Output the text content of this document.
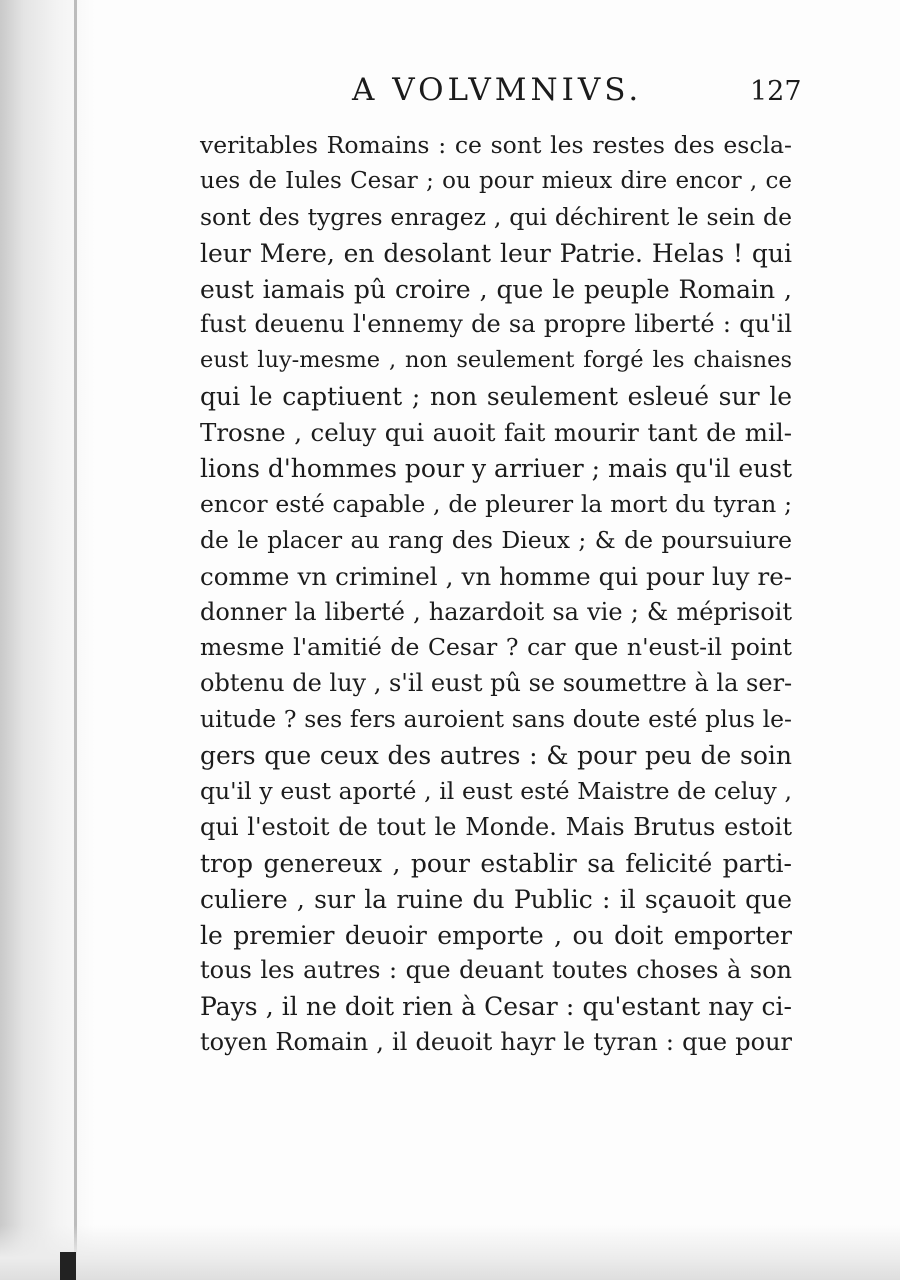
A VOLVMNIVS.	127
veritables Romains : ce sont les restes des escla-
ues de Iules Cesar ; ou pour mieux dire encor , ce
sont des tygres enragez , qui déchirent le sein de
leur Mere, en desolant leur Patrie. Helas ! qui
eust iamais pû croire , que le peuple Romain ,
fust deuenu l'ennemy de sa propre liberté : qu'il
eust luy-mesme , non seulement forgé les chaisnes
qui le captiuent ; non seulement esleué sur le
Trosne , celuy qui auoit fait mourir tant de mil-
lions d'hommes pour y arriuer ; mais qu'il eust
encor esté capable , de pleurer la mort du tyran ;
de le placer au rang des Dieux ; & de poursuiure
comme vn criminel , vn homme qui pour luy re-
donner la liberté , hazardoit sa vie ; & méprisoit
mesme l'amitié de Cesar ? car que n'eust-il point
obtenu de luy , s'il eust pû se soumettre à la ser-
uitude ? ses fers auroient sans doute esté plus le-
gers que ceux des autres : & pour peu de soin
qu'il y eust aporté , il eust esté Maistre de celuy ,
qui l'estoit de tout le Monde. Mais Brutus estoit
trop genereux , pour establir sa felicité parti-
culiere , sur la ruine du Public : il sçauoit que
le premier deuoir emporte , ou doit emporter
tous les autres : que deuant toutes choses à son
Pays , il ne doit rien à Cesar : qu'estant nay ci-
toyen Romain , il deuoit hayr le tyran : que pour
